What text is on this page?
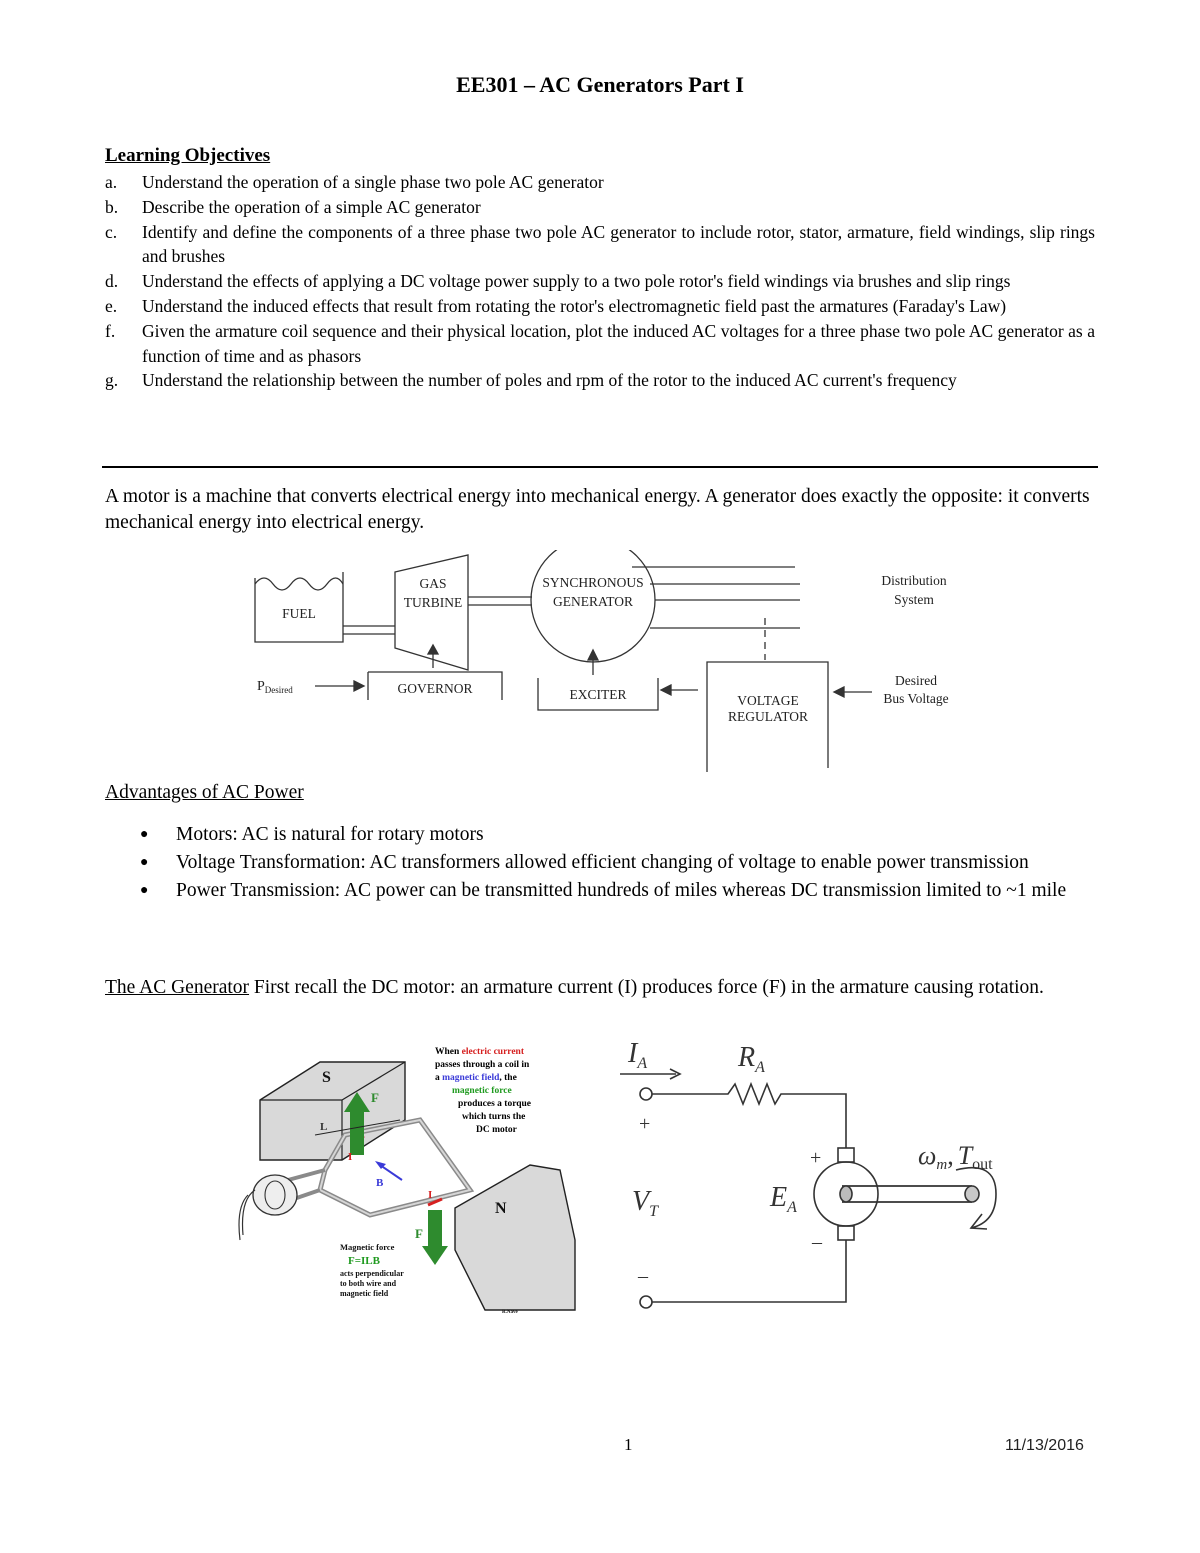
EE301 – AC Generators Part I
Learning Objectives
a.	Understand the operation of a single phase two pole AC generator
b.	Describe the operation of a simple AC generator
c.	Identify and define the components of a three phase two pole AC generator to include rotor, stator, armature, field windings, slip rings and brushes
d.	Understand the effects of applying a DC voltage power supply to a two pole rotor's field windings via brushes and slip rings
e.	Understand the induced effects that result from rotating the rotor's electromagnetic field past the armatures (Faraday's Law)
f.	Given the armature coil sequence and their physical location, plot the induced AC voltages for a three phase two pole AC generator as a function of time and as phasors
g.	Understand the relationship between the number of poles and rpm of the rotor to the induced AC current's frequency
A motor is a machine that converts electrical energy into mechanical energy. A generator does exactly the opposite: it converts mechanical energy into electrical energy.
FUEL
GAS
TURBINE
SYNCHRONOUS
GENERATOR
Distribution
System
GOVERNOR	EXCITER	VOLTAGE
REGULATOR
Desired
Bus Voltage
$P_{Desired}$
Advantages of AC Power
●	Motors: AC is natural for rotary motors
●	Voltage Transformation: AC transformers allowed efficient changing of voltage to enable power transmission
●	Power Transmission: AC power can be transmitted hundreds of miles whereas DC transmission limited to ~1 mile
The AC Generator First recall the DC motor: an armature current (I) produces force (F) in the armature causing rotation.
S
N
F
F
L
I
I
B
When electric current
passes through a coil in
a magnetic field, the
magnetic force
produces a torque
which turns the
DC motor
Magnetic force
F=ILB
acts perpendicular
to both wire and
magnetic field
R.Nave
$I_A$	$R_A$
$V_T$	$E_A$
ωm, Tout
+
–
+
–
1	11/13/2016
